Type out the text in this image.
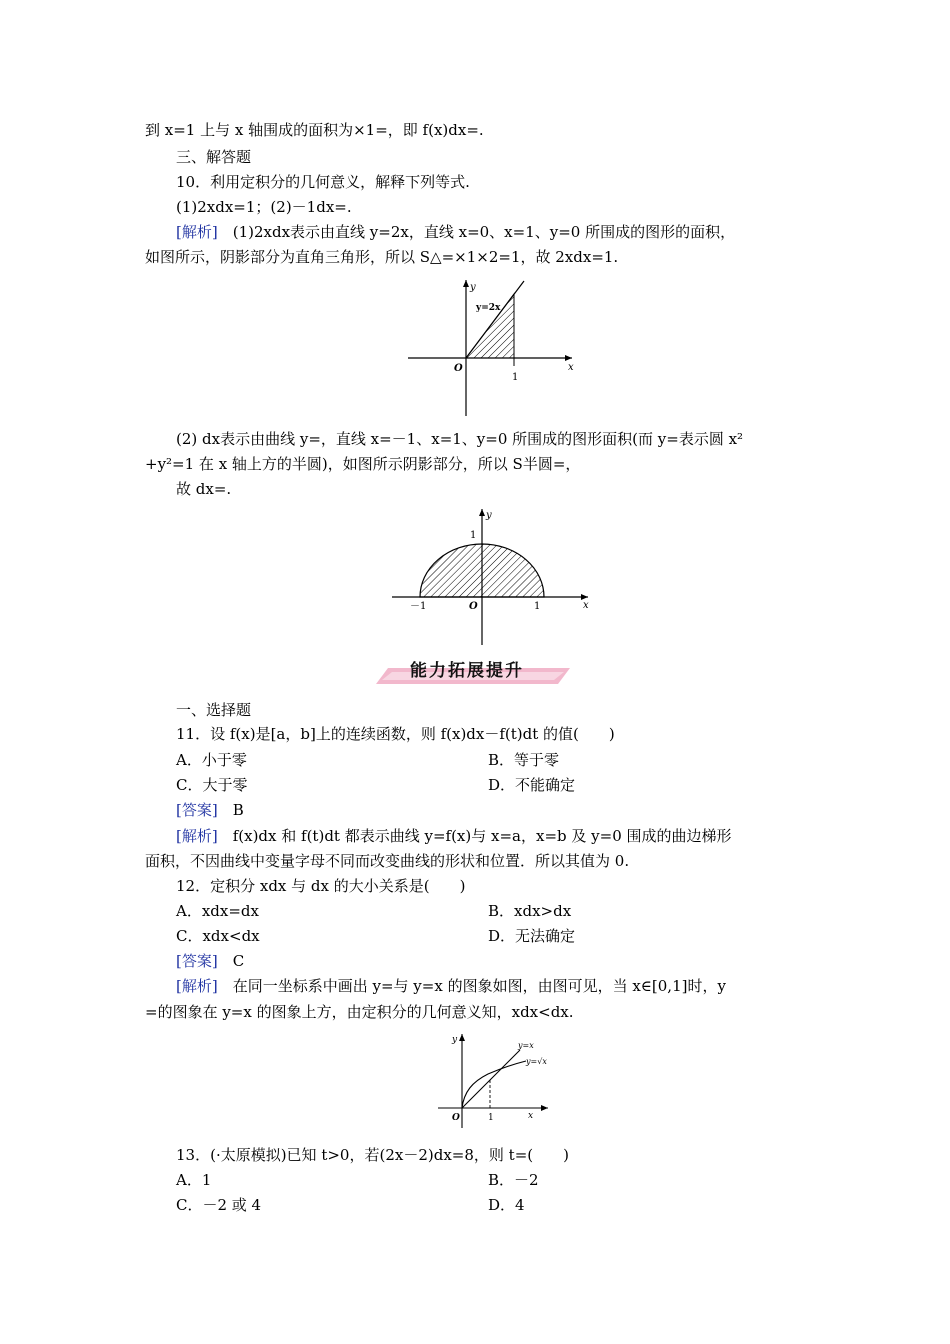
到 x=1 上与 x 轴围成的面积为×1=，即 f(x)dx=.
三、解答题
10．利用定积分的几何意义，解释下列等式.
(1)2xdx=1；(2)－1dx=.
[解析]　(1)2xdx表示由直线 y=2x，直线 x=0、x=1、y=0 所围成的图形的面积，
如图所示，阴影部分为直角三角形，所以 S△=×1×2=1，故 2xdx=1.
y
x
O
1
y=2x
(2) dx表示由曲线 y=，直线 x=－1、x=1、y=0 所围成的图形面积(而 y=表示圆 x²
+y²=1 在 x 轴上方的半圆)，如图所示阴影部分，所以 S半圆=，
故 dx=.
y
x
1
－1	O	1
能力拓展提升
一、选择题
11．设 f(x)是[a，b]上的连续函数，则 f(x)dx－f(t)dt 的值(　　)
A．小于零	B．等于零
C．大于零	D．不能确定
[答案]　B
[解析]　f(x)dx 和 f(t)dt 都表示曲线 y=f(x)与 x=a，x=b 及 y=0 围成的曲边梯形
面积，不因曲线中变量字母不同而改变曲线的形状和位置．所以其值为 0.
12．定积分 xdx 与 dx 的大小关系是(　　)
A．xdx=dx	B．xdx>dx
C．xdx<dx	D．无法确定
[答案]　C
[解析]　在同一坐标系中画出 y=与 y=x 的图象如图，由图可见，当 x∈[0,1]时，y
=的图象在 y=x 的图象上方，由定积分的几何意义知，xdx<dx.
y
x
O	1
y=x
y=√x
13．(·太原模拟)已知 t>0，若(2x－2)dx=8，则 t=(　　)
A．1	B．－2
C．－2 或 4	D．4
